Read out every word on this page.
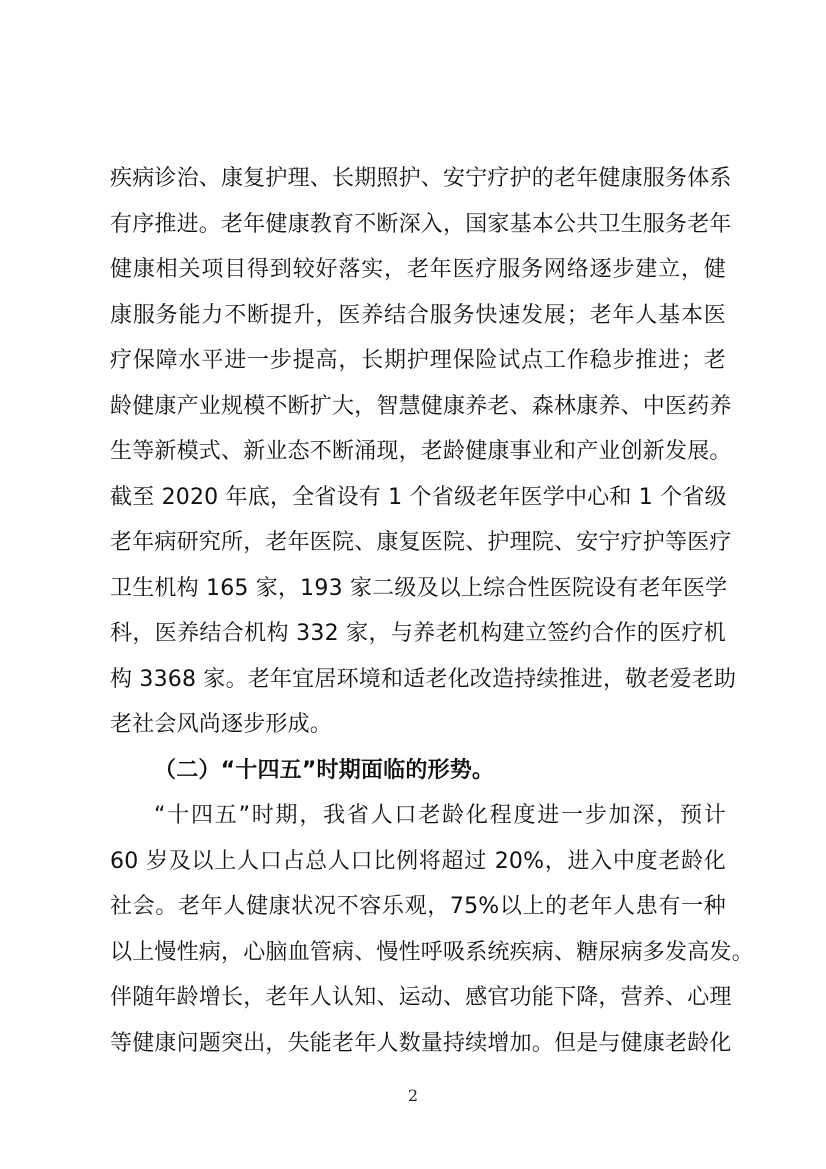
疾病诊治、康复护理、长期照护、安宁疗护的老年健康服务体系
有序推进。老年健康教育不断深入，国家基本公共卫生服务老年
健康相关项目得到较好落实，老年医疗服务网络逐步建立，健
康服务能力不断提升，医养结合服务快速发展；老年人基本医
疗保障水平进一步提高，长期护理保险试点工作稳步推进；老
龄健康产业规模不断扩大，智慧健康养老、森林康养、中医药养
生等新模式、新业态不断涌现，老龄健康事业和产业创新发展。
截至 2020 年底，全省设有 1 个省级老年医学中心和 1 个省级
老年病研究所，老年医院、康复医院、护理院、安宁疗护等医疗
卫生机构 165 家，193 家二级及以上综合性医院设有老年医学
科，医养结合机构 332 家，与养老机构建立签约合作的医疗机
构 3368 家。老年宜居环境和适老化改造持续推进，敬老爱老助
老社会风尚逐步形成。
（二）“十四五”时期面临的形势。
“十四五”时期，我省人口老龄化程度进一步加深，预计
60 岁及以上人口占总人口比例将超过 20%，进入中度老龄化
社会。老年人健康状况不容乐观，75%以上的老年人患有一种
以上慢性病，心脑血管病、慢性呼吸系统疾病、糖尿病多发高发。
伴随年龄增长，老年人认知、运动、感官功能下降，营养、心理
等健康问题突出，失能老年人数量持续增加。但是与健康老龄化
2
